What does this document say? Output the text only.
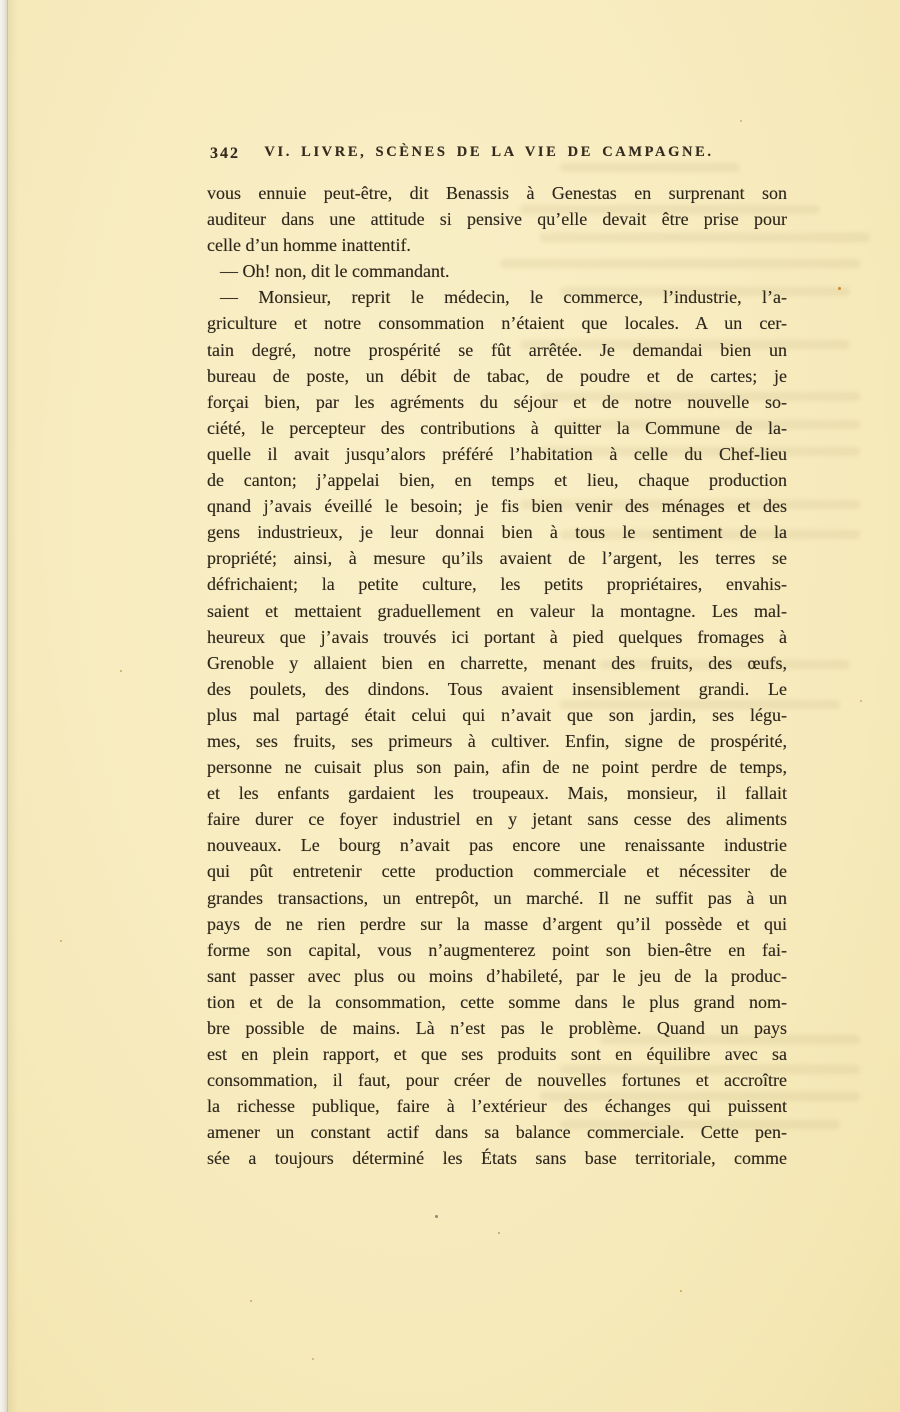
342	VI. LIVRE, SCÈNES DE LA VIE DE CAMPAGNE.
vous ennuie peut-être, dit Benassis à Genestas en surprenant son
auditeur dans une attitude si pensive qu’elle devait être prise pour
celle d’un homme inattentif.
— Oh! non, dit le commandant.
— Monsieur, reprit le médecin, le commerce, l’industrie, l’a-
griculture et notre consommation n’étaient que locales. A un cer-
tain degré, notre prospérité se fût arrêtée. Je demandai bien un
bureau de poste, un débit de tabac, de poudre et de cartes; je
forçai bien, par les agréments du séjour et de notre nouvelle so-
ciété, le percepteur des contributions à quitter la Commune de la-
quelle il avait jusqu’alors préféré l’habitation à celle du Chef-lieu
de canton; j’appelai bien, en temps et lieu, chaque production
qnand j’avais éveillé le besoin; je fis bien venir des ménages et des
gens industrieux, je leur donnai bien à tous le sentiment de la
propriété; ainsi, à mesure qu’ils avaient de l’argent, les terres se
défrichaient; la petite culture, les petits propriétaires, envahis-
saient et mettaient graduellement en valeur la montagne. Les mal-
heureux que j’avais trouvés ici portant à pied quelques fromages à
Grenoble y allaient bien en charrette, menant des fruits, des œufs,
des poulets, des dindons. Tous avaient insensiblement grandi. Le
plus mal partagé était celui qui n’avait que son jardin, ses légu-
mes, ses fruits, ses primeurs à cultiver. Enfin, signe de prospérité,
personne ne cuisait plus son pain, afin de ne point perdre de temps,
et les enfants gardaient les troupeaux. Mais, monsieur, il fallait
faire durer ce foyer industriel en y jetant sans cesse des aliments
nouveaux. Le bourg n’avait pas encore une renaissante industrie
qui pût entretenir cette production commerciale et nécessiter de
grandes transactions, un entrepôt, un marché. Il ne suffit pas à un
pays de ne rien perdre sur la masse d’argent qu’il possède et qui
forme son capital, vous n’augmenterez point son bien-être en fai-
sant passer avec plus ou moins d’habileté, par le jeu de la produc-
tion et de la consommation, cette somme dans le plus grand nom-
bre possible de mains. Là n’est pas le problème. Quand un pays
est en plein rapport, et que ses produits sont en équilibre avec sa
consommation, il faut, pour créer de nouvelles fortunes et accroître
la richesse publique, faire à l’extérieur des échanges qui puissent
amener un constant actif dans sa balance commerciale. Cette pen-
sée a toujours déterminé les États sans base territoriale, comme
